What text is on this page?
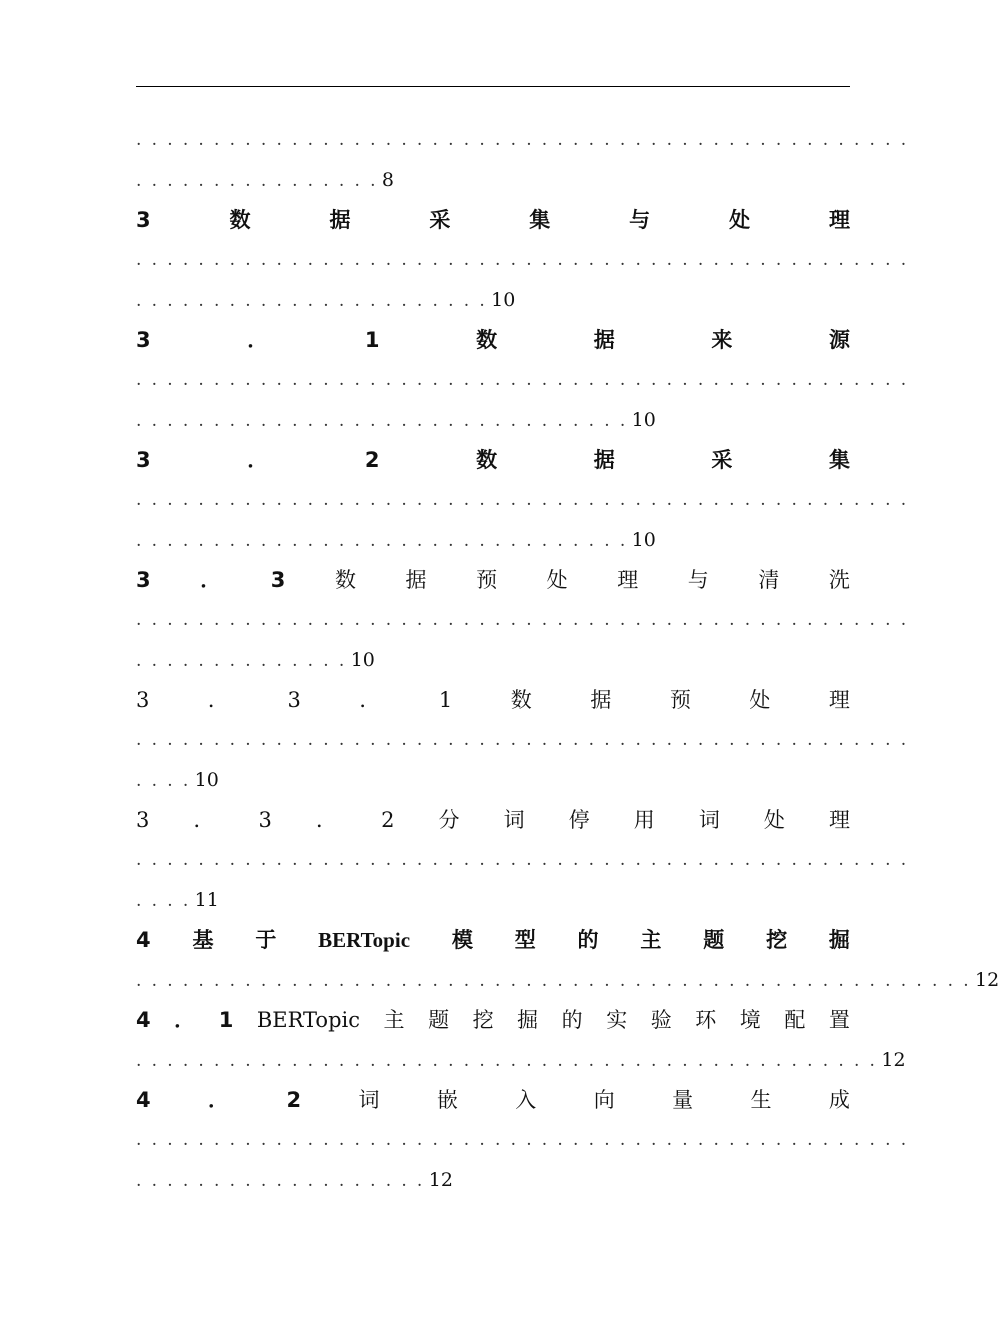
. . . . . . . . . . . . . . . . . . . . . . . . . . . . . . . . . . . . . . . . . . . . . . . . . .
. . . . . . . . . . . . . . . . 8
3	数	据	采	集	与	处	理
. . . . . . . . . . . . . . . . . . . . . . . . . . . . . . . . . . . . . . . . . . . . . . . . . .
. . . . . . . . . . . . . . . . . . . . . . . 10
3	．	1	数	据	来	源
. . . . . . . . . . . . . . . . . . . . . . . . . . . . . . . . . . . . . . . . . . . . . . . . . .
. . . . . . . . . . . . . . . . . . . . . . . . . . . . . . . . 10
3	．	2	数	据	采	集
. . . . . . . . . . . . . . . . . . . . . . . . . . . . . . . . . . . . . . . . . . . . . . . . . .
. . . . . . . . . . . . . . . . . . . . . . . . . . . . . . . . 10
3 ． 3 数 据 预 处 理 与 清 洗
. . . . . . . . . . . . . . . . . . . . . . . . . . . . . . . . . . . . . . . . . . . . . . . . . .
. . . . . . . . . . . . . . 10
3	．	3	．	1	数	据	预	处	理
. . . . . . . . . . . . . . . . . . . . . . . . . . . . . . . . . . . . . . . . . . . . . . . . . .
. . . . 10
3 ． 3 ． 2 分 词 停 用 词 处 理
. . . . . . . . . . . . . . . . . . . . . . . . . . . . . . . . . . . . . . . . . . . . . . . . . .
. . . . 11
4 基 于 BERTopic 模 型 的 主 题 挖 掘
. . . . . . . . . . . . . . . . . . . . . . . . . . . . . . . . . . . . . . . . . . . . . . . . . . . . . . 12
4 ． 1 BERTopic 主 题 挖 掘 的 实 验 环 境 配 置
. . . . . . . . . . . . . . . . . . . . . . . . . . . . . . . . . . . . . . . . . . . . . . . . 12
4	．	2	词	嵌	入	向	量	生	成
. . . . . . . . . . . . . . . . . . . . . . . . . . . . . . . . . . . . . . . . . . . . . . . . . .
. . . . . . . . . . . . . . . . . . . 12
